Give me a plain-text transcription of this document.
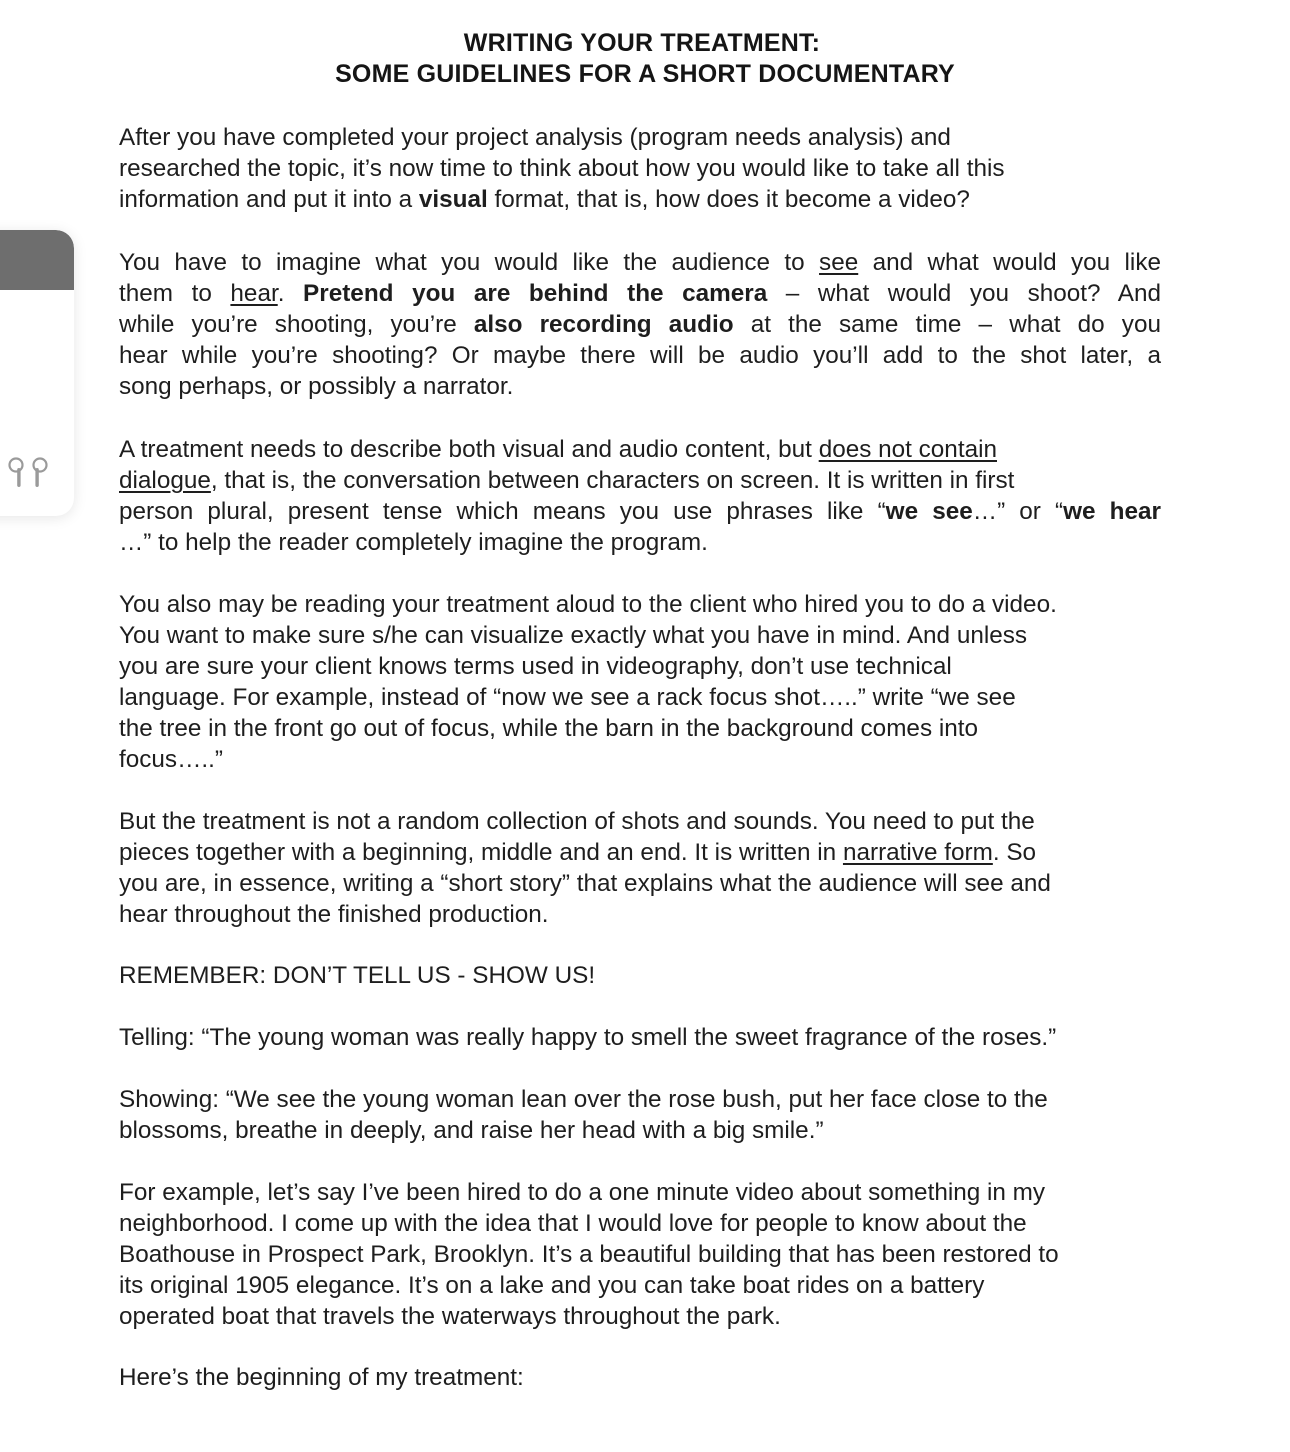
WRITING YOUR TREATMENT:
SOME GUIDELINES FOR A SHORT DOCUMENTARY
After you have completed your project analysis (program needs analysis) and
researched the topic, it’s now time to think about how you would like to take all this
information and put it into a visual format, that is, how does it become a video?
You have to imagine what you would like the audience to see and what would you like
them to hear. Pretend you are behind the camera – what would you shoot? And
while you’re shooting, you’re also recording audio at the same time – what do you
hear while you’re shooting? Or maybe there will be audio you’ll add to the shot later, a
song perhaps, or possibly a narrator.
A treatment needs to describe both visual and audio content, but does not contain
dialogue, that is, the conversation between characters on screen. It is written in first
person plural, present tense which means you use phrases like “we see…” or “we hear
…” to help the reader completely imagine the program.
You also may be reading your treatment aloud to the client who hired you to do a video.
You want to make sure s/he can visualize exactly what you have in mind. And unless
you are sure your client knows terms used in videography, don’t use technical
language. For example, instead of “now we see a rack focus shot…..” write “we see
the tree in the front go out of focus, while the barn in the background comes into
focus…..”
But the treatment is not a random collection of shots and sounds. You need to put the
pieces together with a beginning, middle and an end. It is written in narrative form. So
you are, in essence, writing a “short story” that explains what the audience will see and
hear throughout the finished production.
REMEMBER: DON’T TELL US - SHOW US!
Telling: “The young woman was really happy to smell the sweet fragrance of the roses.”
Showing: “We see the young woman lean over the rose bush, put her face close to the
blossoms, breathe in deeply, and raise her head with a big smile.”
For example, let’s say I’ve been hired to do a one minute video about something in my
neighborhood. I come up with the idea that I would love for people to know about the
Boathouse in Prospect Park, Brooklyn. It’s a beautiful building that has been restored to
its original 1905 elegance. It’s on a lake and you can take boat rides on a battery
operated boat that travels the waterways throughout the park.
Here’s the beginning of my treatment:
